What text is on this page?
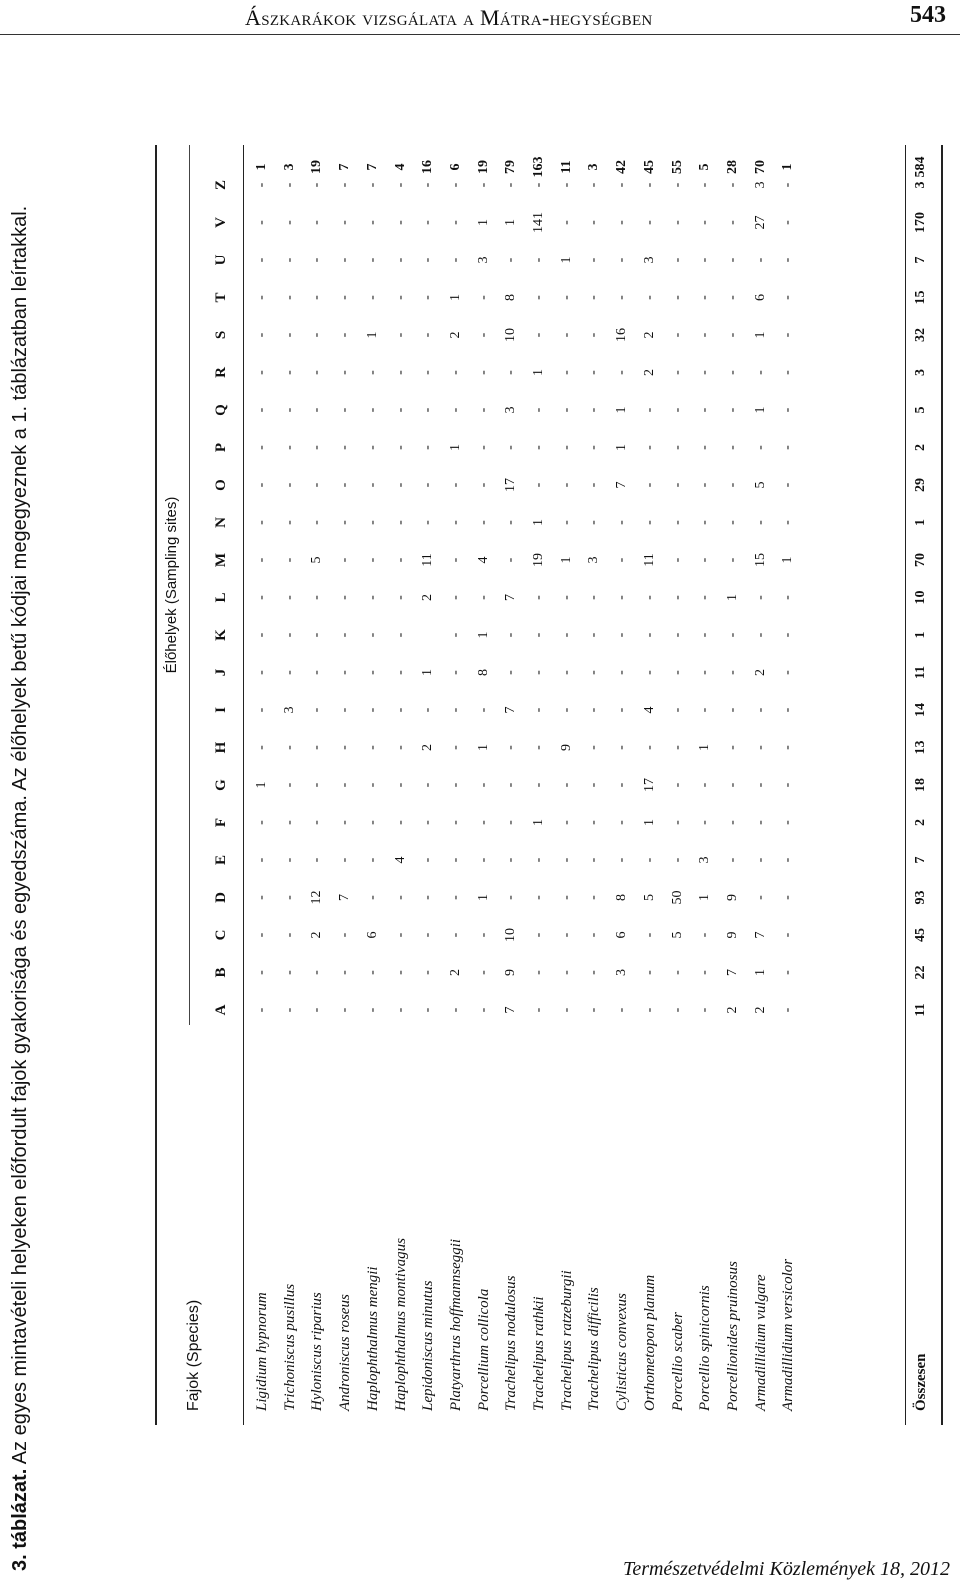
Ászkarákok vizsgálata a Mátra-hegységben	543
3. táblázat. Az egyes mintavételi helyeken előfordult fajok gyakorisága és egyedszáma. Az élőhelyek betű kódjai megegyeznek a 1. táblázatban leírtakkal.	Fajok (Species)
Élőhelyek (Sampling sites)
A
B
C
D
E
F
G
H
I
J
K
L
M
N
O
P
Q
R
S
T
U
V
Z
Ligidium hypnorum
-
-
-
-
-
-
1
-
-
-
-
-
-
-
-
-
-
-
-
-
-
-
-
1
Trichoniscus pusillus
-
-
-
-
-
-
-
-
3
-
-
-
-
-
-
-
-
-
-
-
-
-
-
3
Hyloniscus riparius
-
-
2
12
-
-
-
-
-
-
-
-
5
-
-
-
-
-
-
-
-
-
-
19
Androniscus roseus
-
-
-
7
-
-
-
-
-
-
-
-
-
-
-
-
-
-
-
-
-
-
-
7
Haplophthalmus mengii
-
-
6
-
-
-
-
-
-
-
-
-
-
-
-
-
-
-
1
-
-
-
-
7
Haplophthalmus montivagus
-
-
-
-
4
-
-
-
-
-
-
-
-
-
-
-
-
-
-
-
-
-
-
4
Lepidoniscus minutus
-
-
-
-
-
-
-
2
-
1
2
11
-
-
-
-
-
-
-
-
-
-
16
Platyarthrus hoffmannseggii
-
2
-
-
-
-
-
-
-
-
-
-
-
-
-
1
-
-
2
1
-
-
-
6
Porcellium collicola
-
-
-
1
-
-
-
1
-
8
1
-
4
-
-
-
-
-
-
-
3
1
-
19
Trachelipus nodulosus
7
9
10
-
-
-
-
-
7
-
-
7
-
-
17
-
3
-
10
8
-
1
-
79
Trachelipus rathkii
-
-
-
-
-
1
-
-
-
-
-
-
19
1
-
-
-
1
-
-
-
141
-
163
Trachelipus ratzeburgii
-
-
-
-
-
-
-
9
-
-
-
-
1
-
-
-
-
-
-
-
1
-
-
11
Trachelipus difficilis
-
-
-
-
-
-
-
-
-
-
-
-
3
-
-
-
-
-
-
-
-
-
-
3
Cylisticus convexus
-
3
6
8
-
-
-
-
-
-
-
-
-
-
7
1
1
-
16
-
-
-
-
42
Orthometopon planum
-
-
-
5
-
1
17
-
4
-
-
-
11
-
-
-
-
2
2
-
3
-
-
45
Porcellio scaber
-
-
5
50
-
-
-
-
-
-
-
-
-
-
-
-
-
-
-
-
-
-
-
55
Porcellio spinicornis
-
-
-
1
3
-
-
1
-
-
-
-
-
-
-
-
-
-
-
-
-
-
-
5
Porcellionides pruinosus
2
7
9
9
-
-
-
-
-
-
-
1
-
-
-
-
-
-
-
-
-
-
-
28
Armadillidium vulgare
2
1
7
-
-
-
-
-
-
2
-
-
15
-
5
-
1
-
1
6
-
27
3
70
Armadillidium versicolor
-
-
-
-
-
-
-
-
-
-
-
-
1
-
-
-
-
-
-
-
-
-
-
1
Összesen
11
22
45
93
7
2
18
13
14
11
1
10
70
1
29
2
5
3
32
15
7
170
3
584
Természetvédelmi Közlemények 18, 2012
